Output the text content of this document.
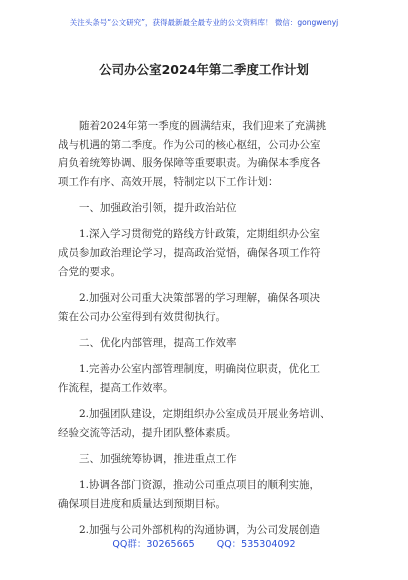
关注头条号“公文研究”，获得最新最全最专业的公文资料库！ 微信：gongwenyj
公司办公室2024年第二季度工作计划
随着2024年第一季度的圆满结束，我们迎来了充满挑
战与机遇的第二季度。作为公司的核心枢纽，公司办公室
肩负着统筹协调、服务保障等重要职责。为确保本季度各
项工作有序、高效开展，特制定以下工作计划：
一、加强政治引领，提升政治站位
1.深入学习贯彻党的路线方针政策，定期组织办公室
成员参加政治理论学习，提高政治觉悟，确保各项工作符
合党的要求。
2.加强对公司重大决策部署的学习理解，确保各项决
策在公司办公室得到有效贯彻执行。
二、优化内部管理，提高工作效率
1.完善办公室内部管理制度，明确岗位职责，优化工
作流程，提高工作效率。
2.加强团队建设，定期组织办公室成员开展业务培训、
经验交流等活动，提升团队整体素质。
三、加强统筹协调，推进重点工作
1.协调各部门资源，推动公司重点项目的顺利实施，
确保项目进度和质量达到预期目标。
2.加强与公司外部机构的沟通协调，为公司发展创造
QQ群：30265665 QQ：535304092
